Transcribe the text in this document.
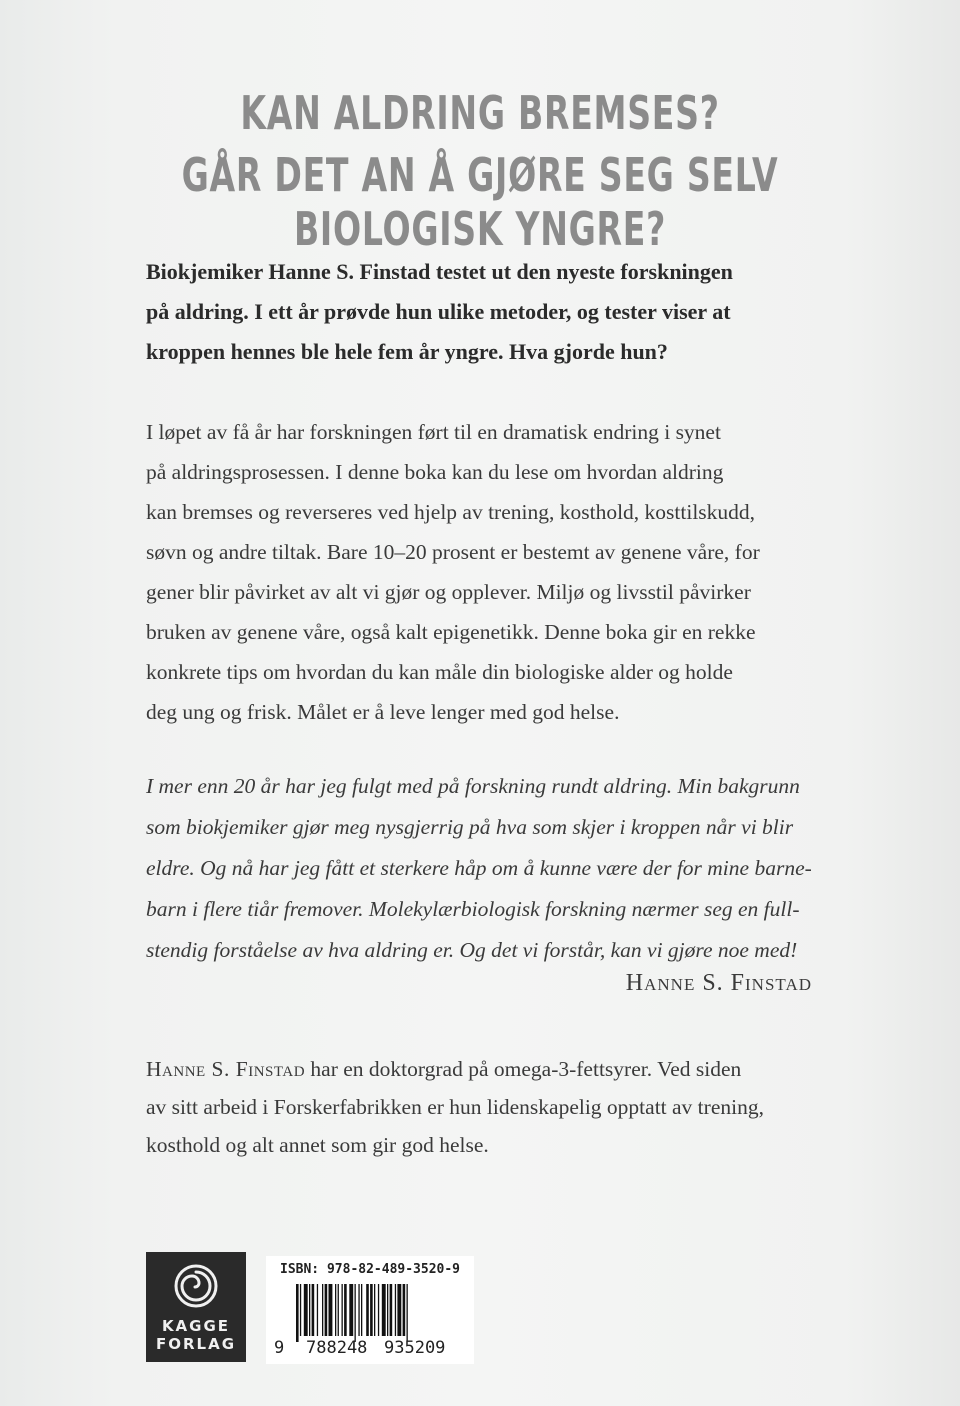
KAN ALDRING BREMSES?
GÅR DET AN Å GJØRE SEG SELV BIOLOGISK YNGRE?
Biokjemiker Hanne S. Finstad testet ut den nyeste forskningen
på aldring. I ett år prøvde hun ulike metoder, og tester viser at
kroppen hennes ble hele fem år yngre. Hva gjorde hun?
I løpet av få år har forskningen ført til en dramatisk endring i synet
på aldringsprosessen. I denne boka kan du lese om hvordan aldring
kan bremses og reverseres ved hjelp av trening, kosthold, kosttilskudd,
søvn og andre tiltak. Bare 10–20 prosent er bestemt av genene våre, for
gener blir påvirket av alt vi gjør og opplever. Miljø og livsstil påvirker
bruken av genene våre, også kalt epigenetikk. Denne boka gir en rekke
konkrete tips om hvordan du kan måle din biologiske alder og holde
deg ung og frisk. Målet er å leve lenger med god helse.
I mer enn 20 år har jeg fulgt med på forskning rundt aldring. Min bakgrunn
som biokjemiker gjør meg nysgjerrig på hva som skjer i kroppen når vi blir
eldre. Og nå har jeg fått et sterkere håp om å kunne være der for mine barne-
barn i flere tiår fremover. Molekylærbiologisk forskning nærmer seg en full-
stendig forståelse av hva aldring er. Og det vi forstår, kan vi gjøre noe med!
Hanne S. Finstad
Hanne S. Finstad har en doktorgrad på omega-3-fettsyrer. Ved siden
av sitt arbeid i Forskerfabrikken er hun lidenskapelig opptatt av trening,
kosthold og alt annet som gir god helse.
KAGGE
FORLAG
ISBN: 978-82-489-3520-9
9 788248 935209
